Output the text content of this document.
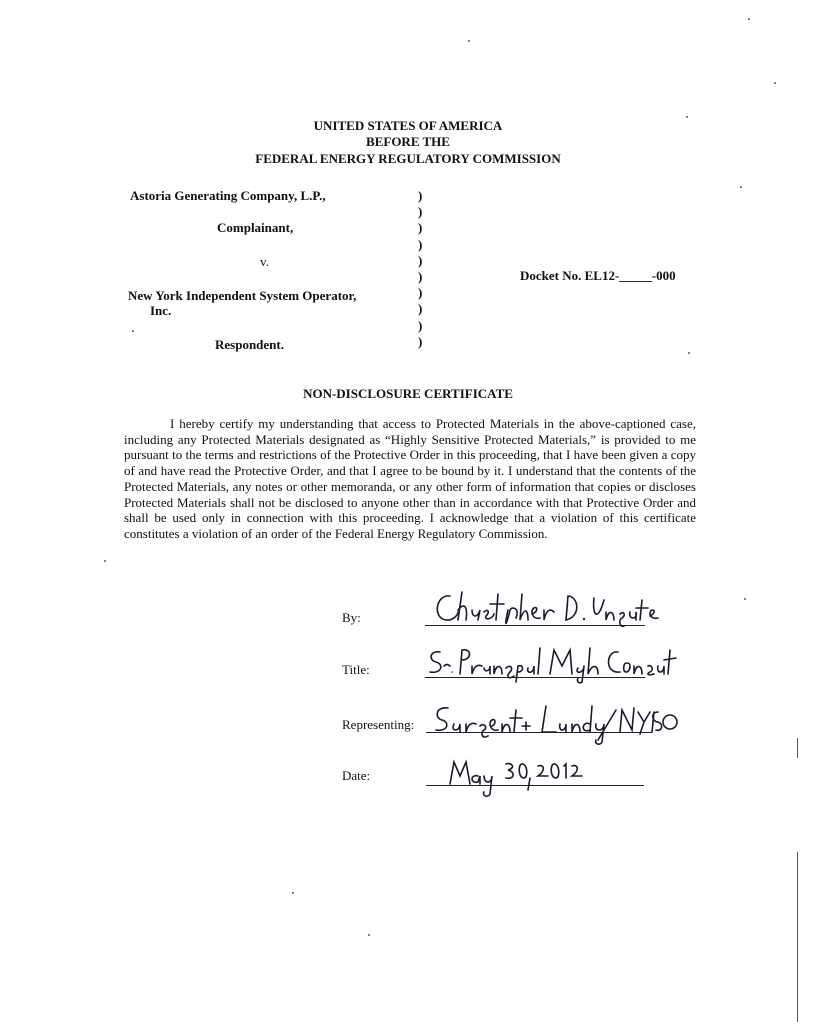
UNITED STATES OF AMERICA
BEFORE THE
FEDERAL ENERGY REGULATORY COMMISSION
Astoria Generating Company, L.P.,
Complainant,
v.
New York Independent System Operator,
Inc.
Respondent.
)
)
)
)
)
)
)
)
)
)
Docket No. EL12-_____-000
NON-DISCLOSURE CERTIFICATE
I hereby certify my understanding that access to Protected Materials in the above-captioned case, including any Protected Materials designated as “Highly Sensitive Protected Materials,” is provided to me pursuant to the terms and restrictions of the Protective Order in this proceeding, that I have been given a copy of and have read the Protective Order, and that I agree to be bound by it. I understand that the contents of the Protected Materials, any notes or other memoranda, or any other form of information that copies or discloses Protected Materials shall not be disclosed to anyone other than in accordance with that Protective Order and shall be used only in connection with this proceeding. I acknowledge that a violation of this certificate constitutes a violation of an order of the Federal Energy Regulatory Commission.
By:
Title:
Representing:
Date:
